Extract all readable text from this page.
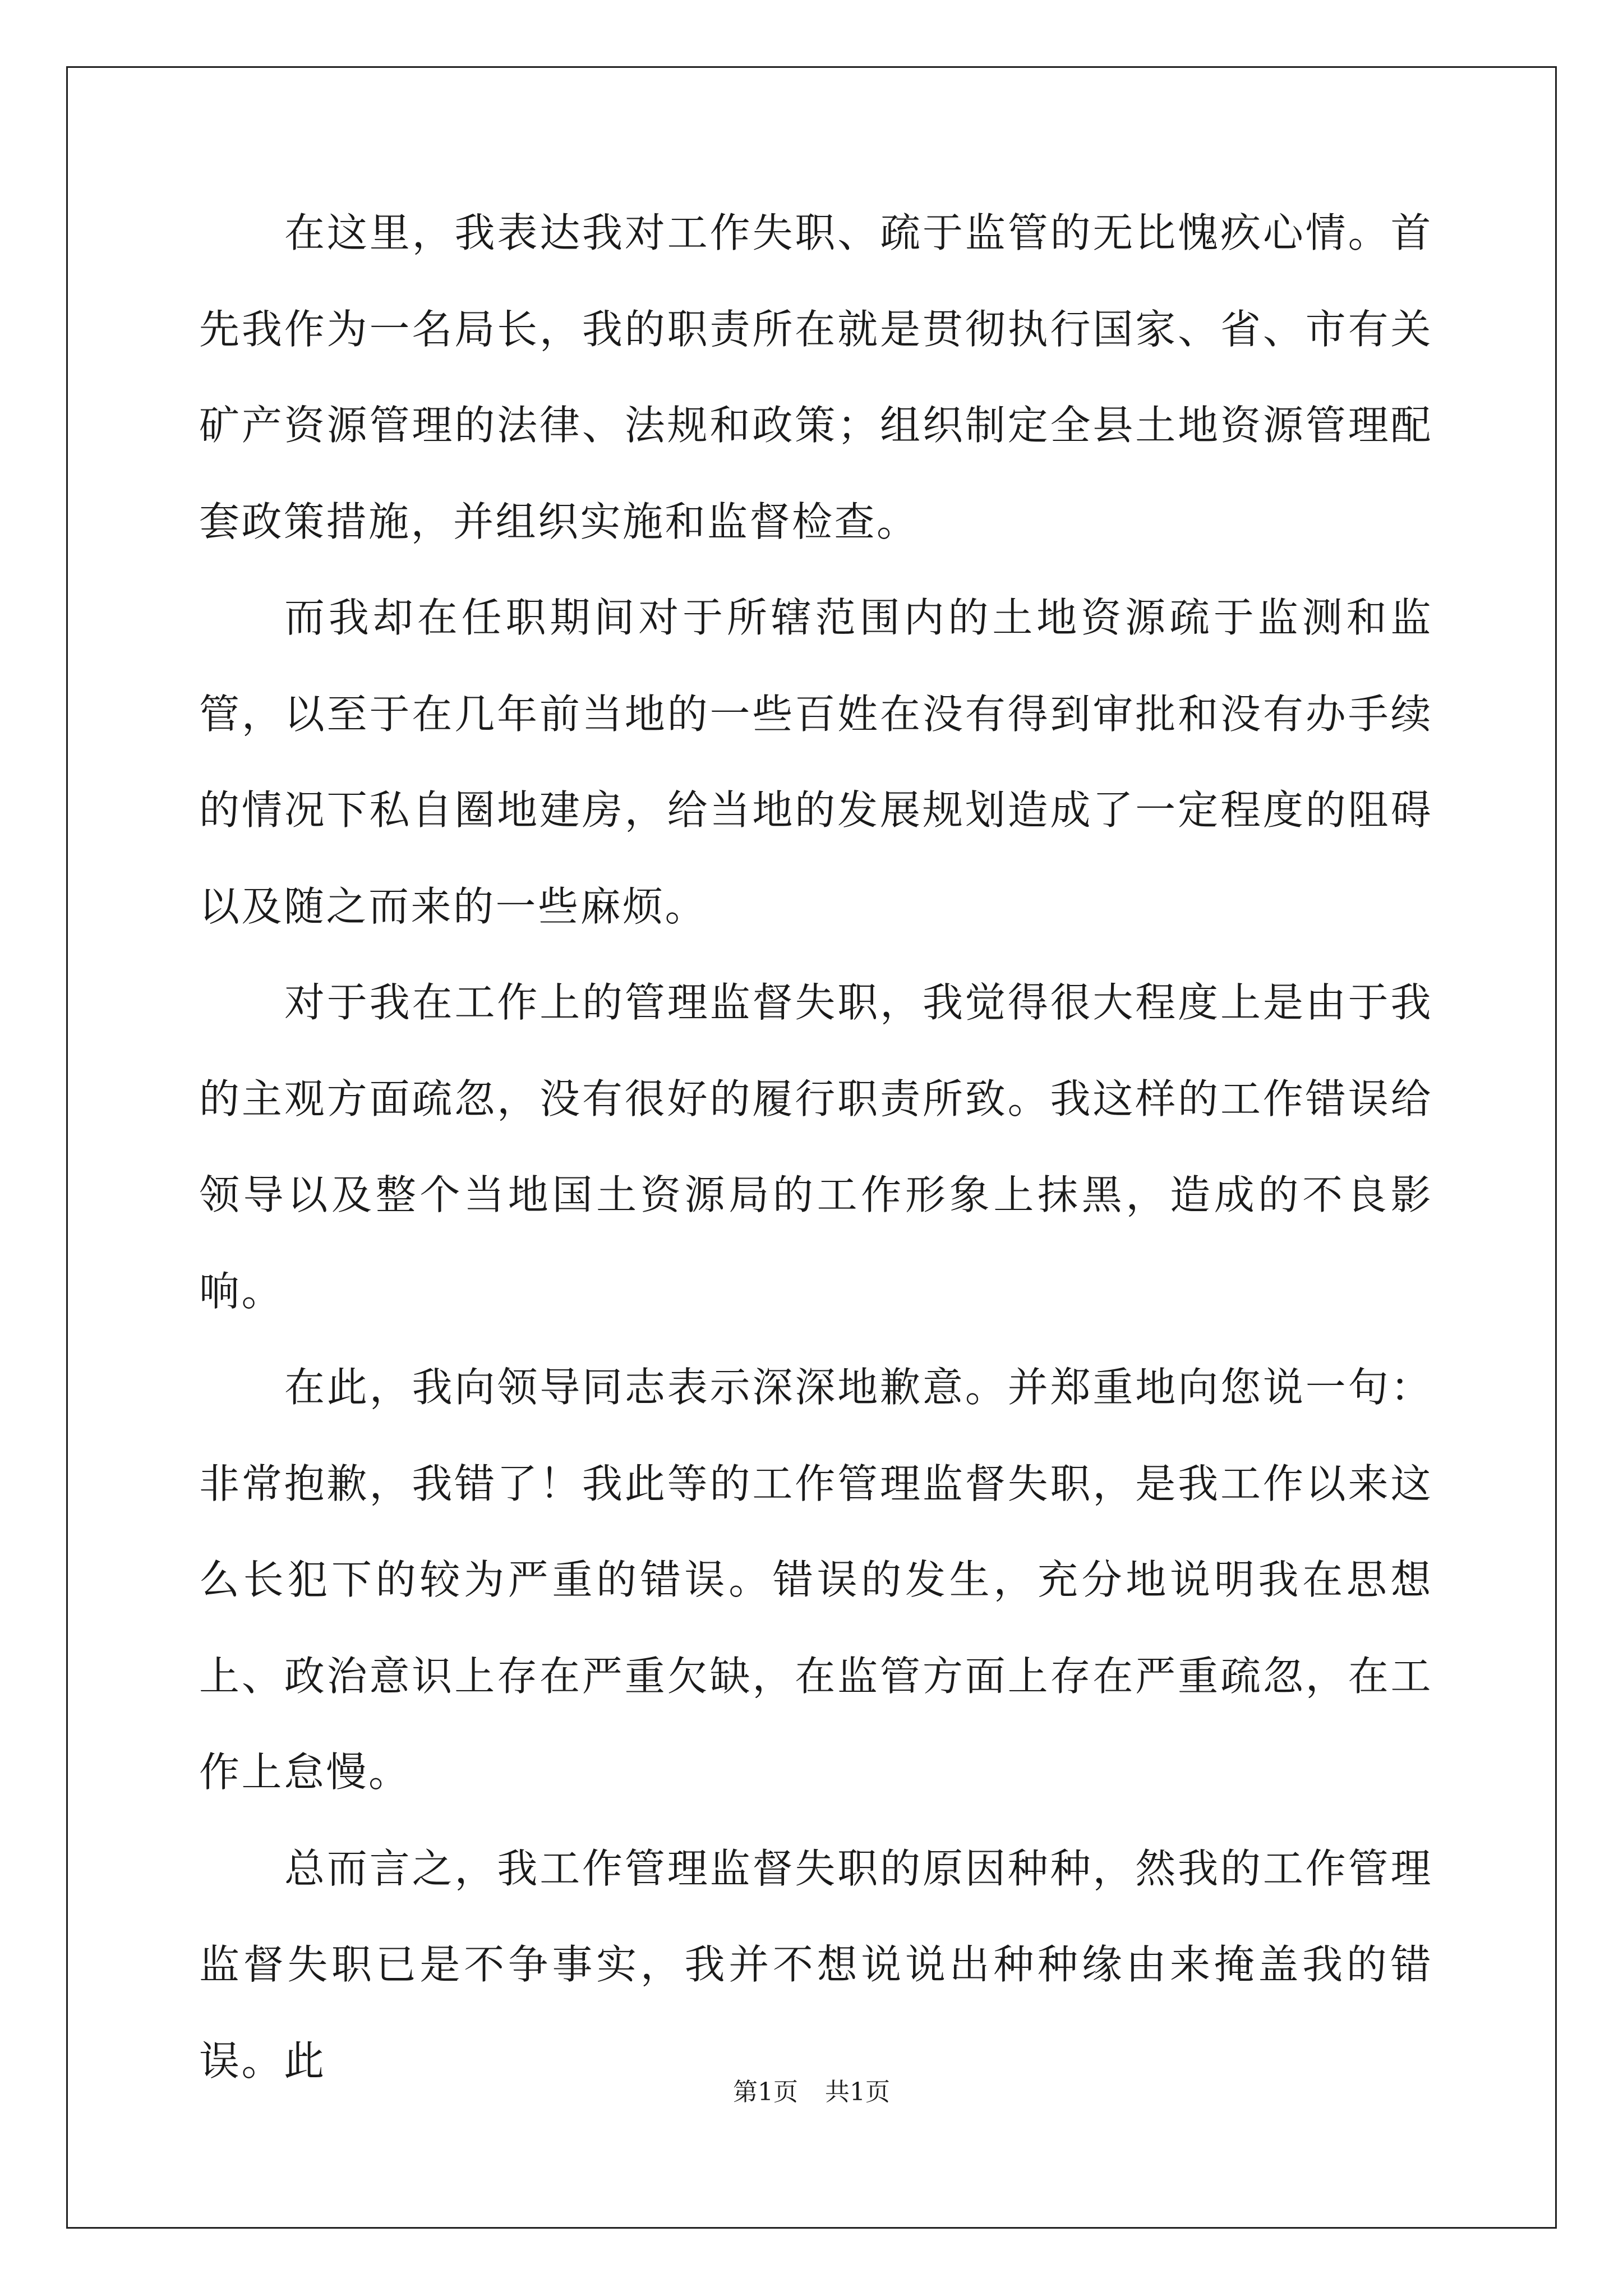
在这里，我表达我对工作失职、疏于监管的无比愧疚心情。首先我作为一名局长，我的职责所在就是贯彻执行国家、省、市有关矿产资源管理的法律、法规和政策；组织制定全县土地资源管理配套政策措施，并组织实施和监督检查。

而我却在任职期间对于所辖范围内的土地资源疏于监测和监管，以至于在几年前当地的一些百姓在没有得到审批和没有办手续的情况下私自圈地建房，给当地的发展规划造成了一定程度的阻碍以及随之而来的一些麻烦。

对于我在工作上的管理监督失职，我觉得很大程度上是由于我的主观方面疏忽，没有很好的履行职责所致。我这样的工作错误给领导以及整个当地国土资源局的工作形象上抹黑，造成的不良影响。

在此，我向领导同志表示深深地歉意。并郑重地向您说一句：非常抱歉，我错了！我此等的工作管理监督失职，是我工作以来这么长犯下的较为严重的错误。错误的发生，充分地说明我在思想上、政治意识上存在严重欠缺，在监管方面上存在严重疏忽，在工作上怠慢。

总而言之，我工作管理监督失职的原因种种，然我的工作管理监督失职已是不争事实，我并不想说说出种种缘由来掩盖我的错误。此

第1页 共1页
